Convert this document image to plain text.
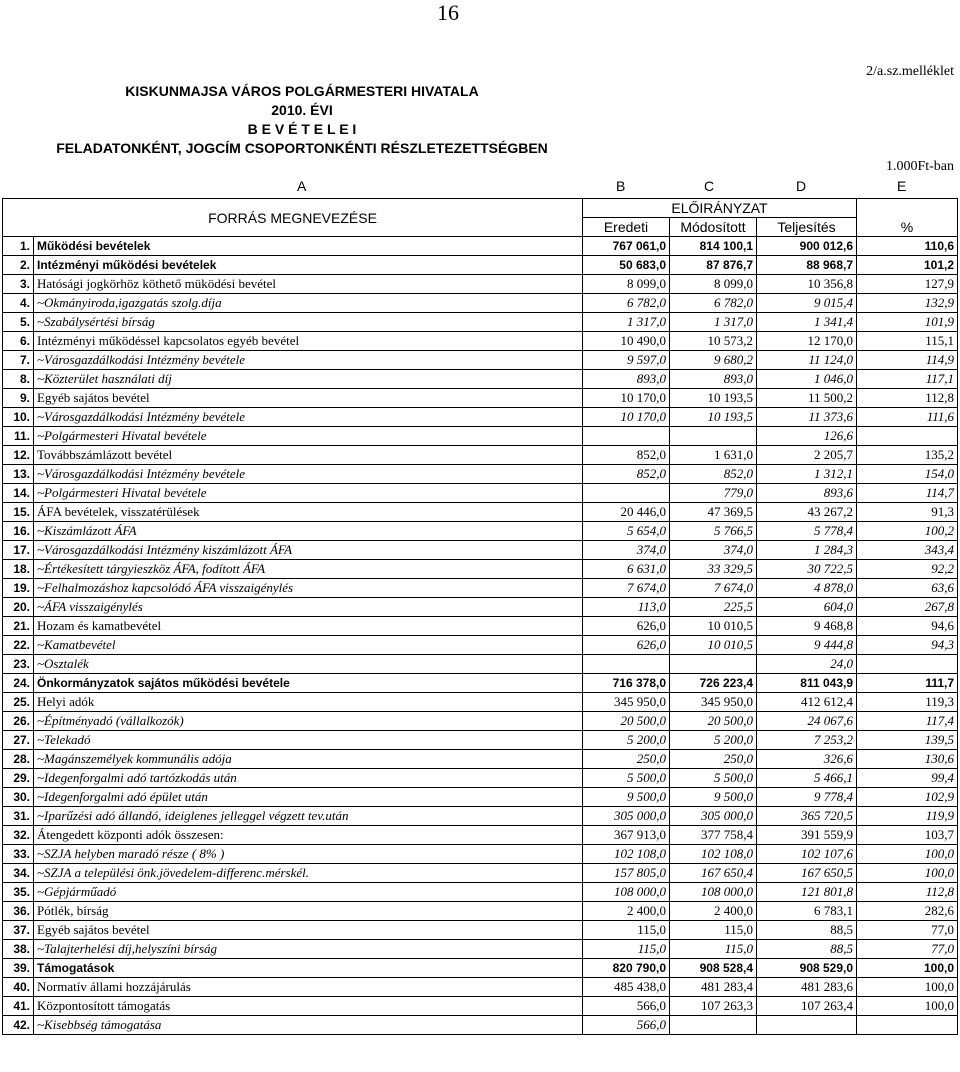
16
2/a.sz.melléklet
KISKUNMAJSA VÁROS POLGÁRMESTERI HIVATALA
2010. ÉVI
B E V É T E L E I
FELADATONKÉNT, JOGCÍM CSOPORTONKÉNTI RÉSZLETEZETTSÉGBEN
1.000Ft-ban
A	B	C	D	E
FORRÁS MEGNEVEZÉSE		ELŐIRÁNYZAT			
		Eredeti	Módosított	Teljesítés	%
1.	Működési bevételek	767 061,0	814 100,1	900 012,6	110,6
2.	Intézményi működési bevételek	50 683,0	87 876,7	88 968,7	101,2
3.	Hatósági jogkörhöz köthető müködési bevétel	8 099,0	8 099,0	10 356,8	127,9
4.	~Okmányiroda,igazgatás szolg.díja	6 782,0	6 782,0	9 015,4	132,9
5.	~Szabálysértési bírság	1 317,0	1 317,0	1 341,4	101,9
6.	Intézményi működéssel kapcsolatos egyéb bevétel	10 490,0	10 573,2	12 170,0	115,1
7.	~Városgazdálkodási Intézmény bevétele	9 597,0	9 680,2	11 124,0	114,9
8.	~Közterület használati díj	893,0	893,0	1 046,0	117,1
9.	Egyéb sajátos bevétel	10 170,0	10 193,5	11 500,2	112,8
10.	~Városgazdálkodási Intézmény bevétele	10 170,0	10 193,5	11 373,6	111,6
11.	~Polgármesteri Hivatal bevétele			126,6	
12.	Továbbszámlázott bevétel	852,0	1 631,0	2 205,7	135,2
13.	~Városgazdálkodási Intézmény bevétele	852,0	852,0	1 312,1	154,0
14.	~Polgármesteri Hivatal bevétele		779,0	893,6	114,7
15.	ÁFA bevételek, visszatérülések	20 446,0	47 369,5	43 267,2	91,3
16.	~Kiszámlázott ÁFA	5 654,0	5 766,5	5 778,4	100,2
17.	~Városgazdálkodási Intézmény kiszámlázott ÁFA	374,0	374,0	1 284,3	343,4
18.	~Értékesített tárgyieszköz ÁFA, fodított ÁFA	6 631,0	33 329,5	30 722,5	92,2
19.	~Felhalmozáshoz kapcsolódó ÁFA visszaigénylés	7 674,0	7 674,0	4 878,0	63,6
20.	~ÁFA visszaigénylés	113,0	225,5	604,0	267,8
21.	Hozam és kamatbevétel	626,0	10 010,5	9 468,8	94,6
22.	~Kamatbevétel	626,0	10 010,5	9 444,8	94,3
23.	~Osztalék			24,0	
24.	Önkormányzatok sajátos működési bevétele	716 378,0	726 223,4	811 043,9	111,7
25.	Helyi adók	345 950,0	345 950,0	412 612,4	119,3
26.	~Építményadó (vállalkozók)	20 500,0	20 500,0	24 067,6	117,4
27.	~Telekadó	5 200,0	5 200,0	7 253,2	139,5
28.	~Magánszemélyek kommunális adója	250,0	250,0	326,6	130,6
29.	~Idegenforgalmi adó tartózkodás után	5 500,0	5 500,0	5 466,1	99,4
30.	~Idegenforgalmi adó épület után	9 500,0	9 500,0	9 778,4	102,9
31.	~Iparűzési adó állandó, ideiglenes jelleggel végzett tev.után	305 000,0	305 000,0	365 720,5	119,9
32.	Átengedett központi adók összesen:	367 913,0	377 758,4	391 559,9	103,7
33.	~SZJA helyben maradó része ( 8% )	102 108,0	102 108,0	102 107,6	100,0
34.	~SZJA a települési önk.jövedelem-differenc.mérskél.	157 805,0	167 650,4	167 650,5	100,0
35.	~Gépjárműadó	108 000,0	108 000,0	121 801,8	112,8
36.	Pótlék, bírság	2 400,0	2 400,0	6 783,1	282,6
37.	Egyéb sajátos bevétel	115,0	115,0	88,5	77,0
38.	~Talajterhelési díj,helyszíni bírság	115,0	115,0	88,5	77,0
39.	Támogatások	820 790,0	908 528,4	908 529,0	100,0
40.	Normatív állami hozzájárulás	485 438,0	481 283,4	481 283,6	100,0
41.	Központosított támogatás	566,0	107 263,3	107 263,4	100,0
42.	~Kisebbség támogatása	566,0			
